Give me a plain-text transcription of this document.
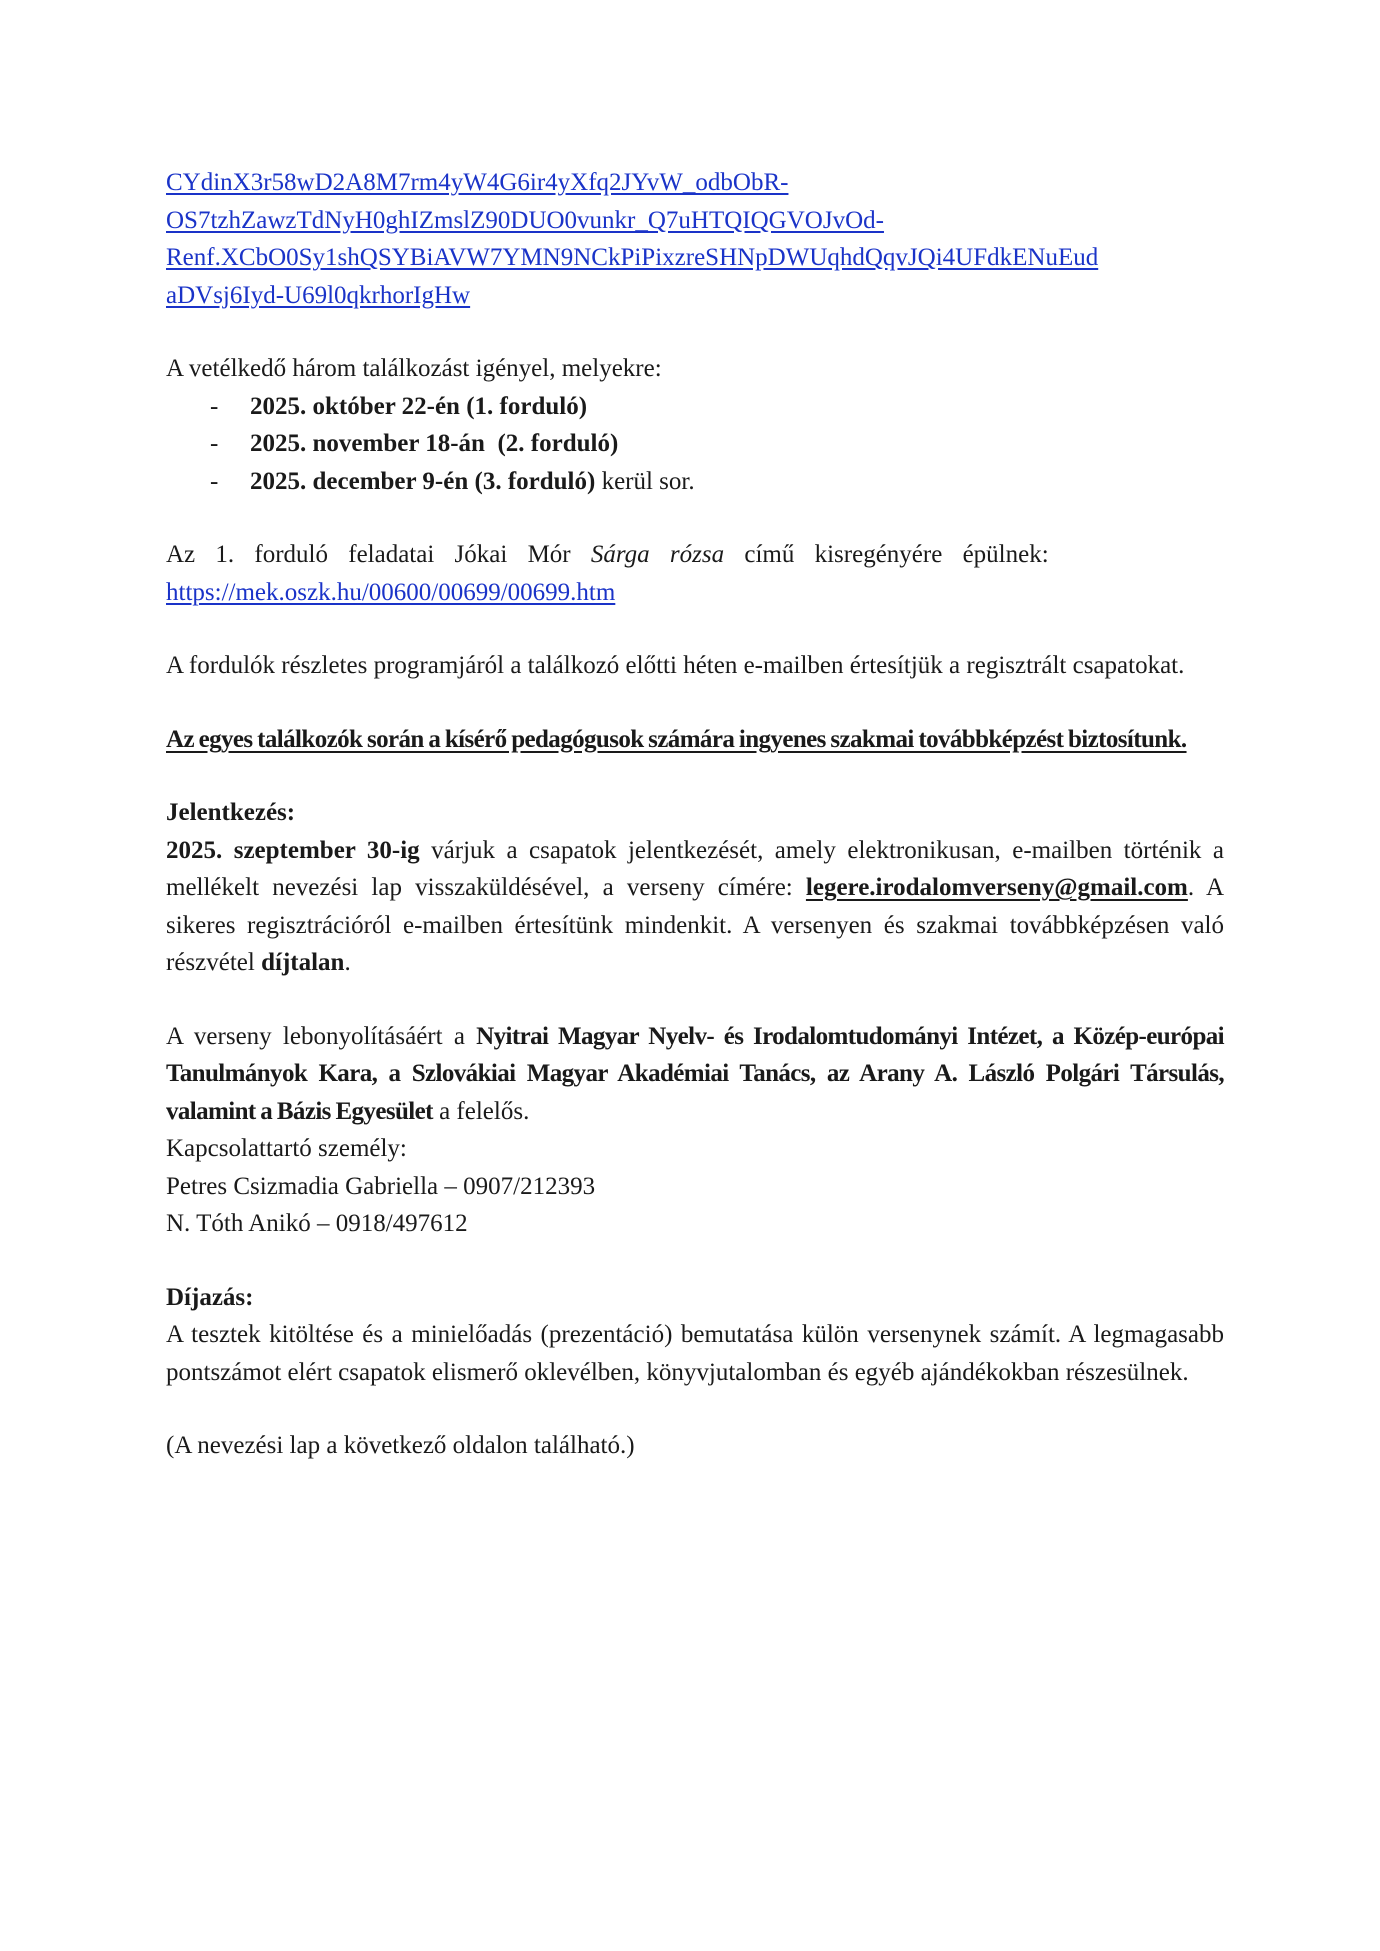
CYdinX3r58wD2A8M7rm4yW4G6ir4yXfq2JYvW_odbObR-
OS7tzhZawzTdNyH0ghIZmslZ90DUO0vunkr_Q7uHTQIQGVOJvOd-
Renf.XCbO0Sy1shQSYBiAVW7YMN9NCkPiPixzreSHNpDWUqhdQqvJQi4UFdkENuEud
aDVsj6Iyd-U69l0qkrhorIgHw

A vetélkedő három találkozást igényel, melyekre:

- 2025. október 22-én (1. forduló)
- 2025. november 18-án  (2. forduló)
- 2025. december 9-én (3. forduló) kerül sor.

Az 1. forduló feladatai Jókai Mór Sárga rózsa című kisregényére épülnek:
https://mek.oszk.hu/00600/00699/00699.htm

A fordulók részletes programjáról a találkozó előtti héten e-mailben értesítjük a regisztrált csapatokat.

Az egyes találkozók során a kísérő pedagógusok számára ingyenes szakmai továbbképzést biztosítunk.

Jelentkezés:

2025. szeptember 30-ig várjuk a csapatok jelentkezését, amely elektronikusan, e-mailben történik a mellékelt nevezési lap visszaküldésével, a verseny címére: legere.irodalomverseny@gmail.com. A sikeres regisztrációról e-mailben értesítünk mindenkit. A versenyen és szakmai továbbképzésen való részvétel díjtalan.

A verseny lebonyolításáért a Nyitrai Magyar Nyelv- és Irodalomtudományi Intézet, a Közép-európai Tanulmányok Kara, a Szlovákiai Magyar Akadémiai Tanács, az Arany A. László Polgári Társulás, valamint a Bázis Egyesület a felelős.

Kapcsolattartó személy:

Petres Csizmadia Gabriella – 0907/212393

N. Tóth Anikó – 0918/497612

Díjazás:

A tesztek kitöltése és a minielőadás (prezentáció) bemutatása külön versenynek számít. A legmagasabb pontszámot elért csapatok elismerő oklevélben, könyvjutalomban és egyéb ajándékokban részesülnek.

(A nevezési lap a következő oldalon található.)
